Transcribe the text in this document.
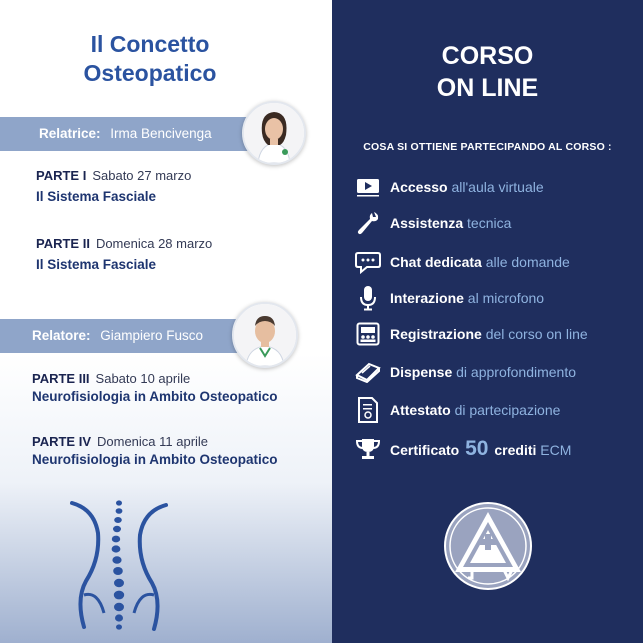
Il Concetto
Osteopatico
Relatrice: Irma Bencivenga
PARTE I Sabato 27 marzo
Il Sistema Fasciale
PARTE II Domenica 28 marzo
Il Sistema Fasciale
Relatore: Giampiero Fusco
PARTE III Sabato 10 aprile
Neurofisiologia in Ambito Osteopatico
PARTE IV Domenica 11 aprile
Neurofisiologia in Ambito Osteopatico
CORSO
ON LINE
COSA SI OTTIENE PARTECIPANDO AL CORSO :
Accesso all'aula virtuale
Assistenza tecnica
Chat dedicata alle domande
Interazione al microfono
Registrazione del corso on line
Dispense di approfondimento
Attestato di partecipazione
Certificato 50 crediti ECM
